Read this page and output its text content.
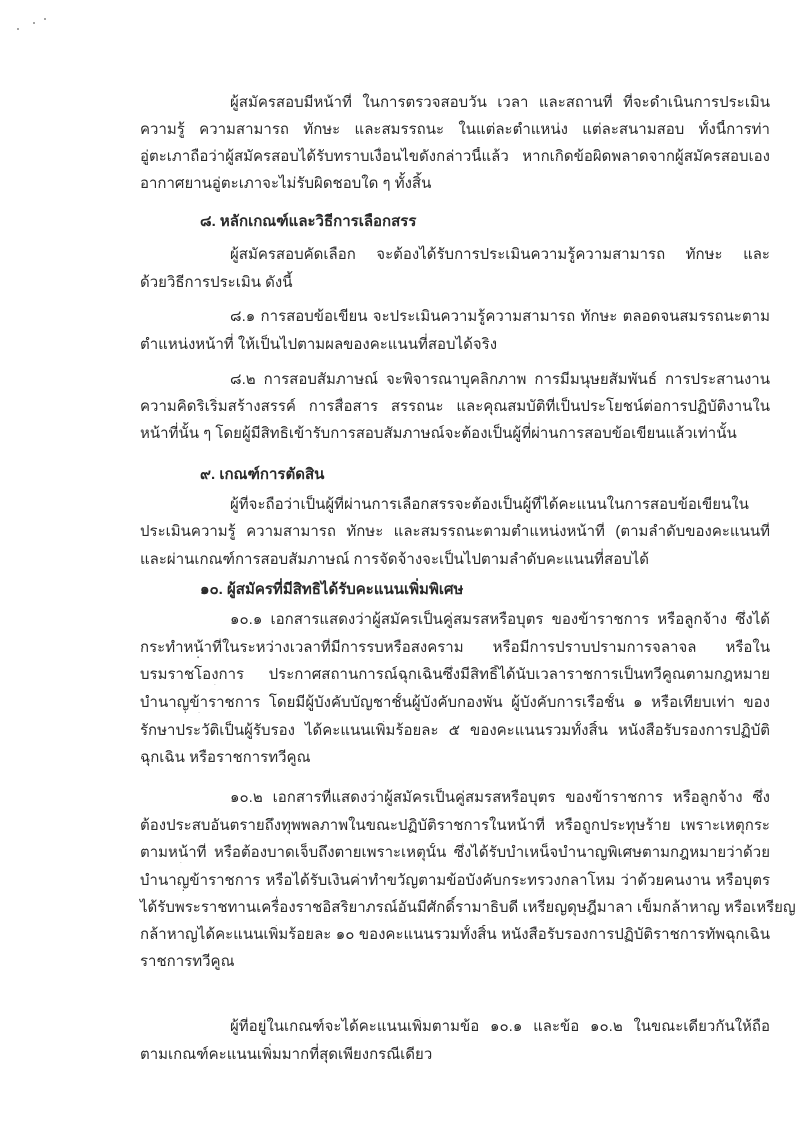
ผู้สมัครสอบมีหน้าที่ ในการตรวจสอบวัน เวลา และสถานที่ ที่จะดำเนินการประเมิน
ความรู้ ความสามารถ ทักษะ และสมรรถนะ ในแต่ละตำแหน่ง แต่ละสนามสอบ ทั้งนี้การท่า
อู่ตะเภาถือว่าผู้สมัครสอบได้รับทราบเงื่อนไขดังกล่าวนี้แล้ว หากเกิดข้อผิดพลาดจากผู้สมัครสอบเอง
อากาศยานอู่ตะเภาจะไม่รับผิดชอบใด ๆ ทั้งสิ้น
๘. หลักเกณฑ์และวิธีการเลือกสรร
ผู้สมัครสอบคัดเลือก จะต้องได้รับการประเมินความรู้ความสามารถ ทักษะ และ
ด้วยวิธีการประเมิน ดังนี้
๘.๑ การสอบข้อเขียน จะประเมินความรู้ความสามารถ ทักษะ ตลอดจนสมรรถนะตาม
ตำแหน่งหน้าที่ ให้เป็นไปตามผลของคะแนนที่สอบได้จริง
๘.๒ การสอบสัมภาษณ์ จะพิจารณาบุคลิกภาพ การมีมนุษยสัมพันธ์ การประสานงาน
ความคิดริเริ่มสร้างสรรค์ การสื่อสาร สรรถนะ และคุณสมบัติที่เป็นประโยชน์ต่อการปฏิบัติงานใน
หน้าที่นั้น ๆ โดยผู้มีสิทธิเข้ารับการสอบสัมภาษณ์จะต้องเป็นผู้ที่ผ่านการสอบข้อเขียนแล้วเท่านั้น
๙. เกณฑ์การตัดสิน
ผู้ที่จะถือว่าเป็นผู้ที่ผ่านการเลือกสรรจะต้องเป็นผู้ที่ได้คะแนนในการสอบข้อเขียนใน
ประเมินความรู้ ความสามารถ ทักษะ และสมรรถนะตามตำแหน่งหน้าที่ (ตามลำดับของคะแนนที่
และผ่านเกณฑ์การสอบสัมภาษณ์ การจัดจ้างจะเป็นไปตามลำดับคะแนนที่สอบได้
๑๐. ผู้สมัครที่มีสิทธิได้รับคะแนนเพิ่มพิเศษ
๑๐.๑ เอกสารแสดงว่าผู้สมัครเป็นคู่สมรสหรือบุตร ของข้าราชการ หรือลูกจ้าง ซึ่งได้
กระทำหน้าที่ในระหว่างเวลาที่มีการรบหรือสงคราม หรือมีการปราบปรามการจลาจล หรือใน
บรมราชโองการ ประกาศสถานการณ์ฉุกเฉินซึ่งมีสิทธิ์ได้นับเวลาราชการเป็นทวีคูณตามกฎหมาย
บำนาญข้าราชการ โดยมีผู้บังคับบัญชาชั้นผู้บังคับกองพัน ผู้บังคับการเรือชั้น ๑ หรือเทียบเท่า ของ
รักษาประวัติเป็นผู้รับรอง ได้คะแนนเพิ่มร้อยละ ๕ ของคะแนนรวมทั้งสิ้น หนังสือรับรองการปฏิบัติ
ฉุกเฉิน หรือราชการทวีคูณ
๑๐.๒ เอกสารที่แสดงว่าผู้สมัครเป็นคู่สมรสหรือบุตร ของข้าราชการ หรือลูกจ้าง ซึ่ง
ต้องประสบอันตรายถึงทุพพลภาพในขณะปฏิบัติราชการในหน้าที่ หรือถูกประทุษร้าย เพราะเหตุกระ
ตามหน้าที่ หรือต้องบาดเจ็บถึงตายเพราะเหตุนั้น ซึ่งได้รับบำเหน็จบำนาญพิเศษตามกฎหมายว่าด้วย
บำนาญข้าราชการ หรือได้รับเงินค่าทำขวัญตามข้อบังคับกระทรวงกลาโหม ว่าด้วยคนงาน หรือบุตร
ได้รับพระราชทานเครื่องราชอิสริยาภรณ์อันมีศักดิ์รามาธิบดี เหรียญดุษฎีมาลา เข็มกล้าหาญ หรือเหรียญ
กล้าหาญได้คะแนนเพิ่มร้อยละ ๑๐ ของคะแนนรวมทั้งสิ้น หนังสือรับรองการปฏิบัติราชการทัพฉุกเฉิน
ราชการทวีคูณ
ผู้ที่อยู่ในเกณฑ์จะได้คะแนนเพิ่มตามข้อ ๑๐.๑ และข้อ ๑๐.๒ ในขณะเดียวกันให้ถือ
ตามเกณฑ์คะแนนเพิ่มมากที่สุดเพียงกรณีเดียว
